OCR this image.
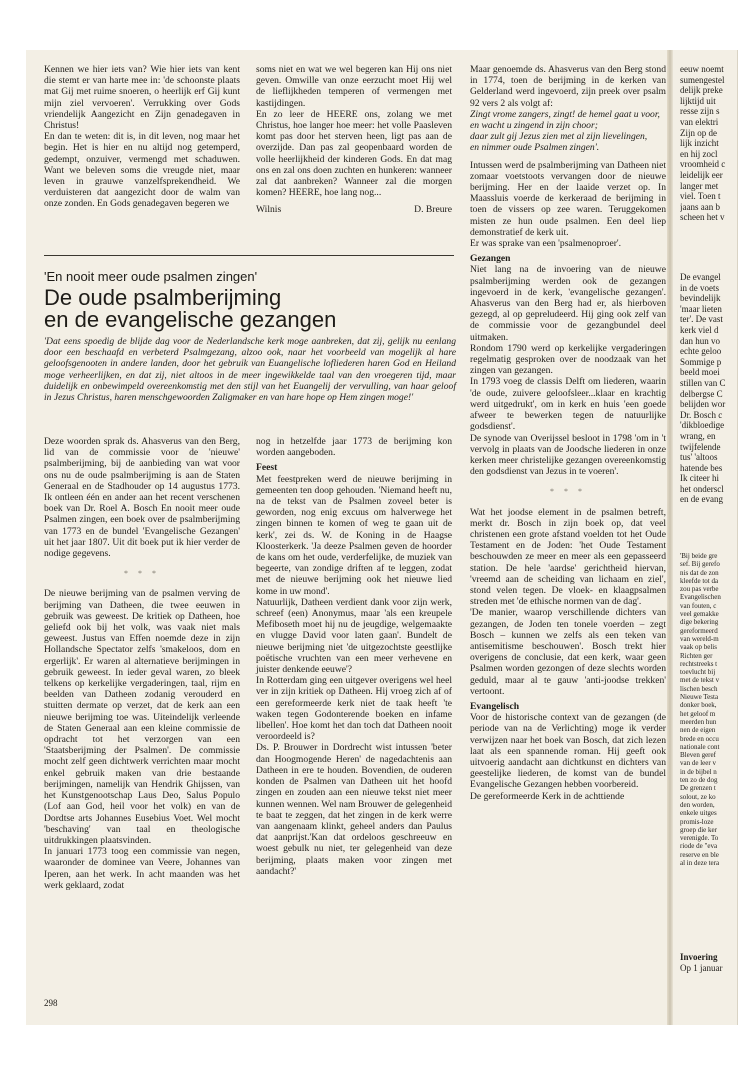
Kennen we hier iets van? Wie hier iets van kent die stemt er van harte mee in: 'de schoonste plaats mat Gij met ruime snoeren, o heerlijk erf Gij kunt mijn ziel vervoeren'. Verrukking over Gods vriendelijk Aangezicht en Zijn genadegaven in Christus!

En dan te weten: dit is, in dit leven, nog maar het begin. Het is hier en nu altijd nog getemperd, gedempt, onzuiver, vermengd met schaduwen. Want we beleven soms die vreugde niet, maar leven in grauwe vanzelfsprekendheid. We verduisteren dat aangezicht door de walm van onze zonden. En Gods genadegaven begeren we

soms niet en wat we wel begeren kan Hij ons niet geven. Omwille van onze eerzucht moet Hij wel de lieflijkheden temperen of vermengen met kastijdingen.

En zo leer de HEERE ons, zolang we met Christus, hoe langer hoe meer: het volle Paasleven komt pas door het sterven heen, ligt pas aan de overzijde. Dan pas zal geopenbaard worden de volle heerlijkheid der kinderen Gods. En dat mag ons en zal ons doen zuchten en hunkeren: wanneer zal dat aanbreken? Wanneer zal die morgen komen? HEERE, hoe lang nog...

Wilnis	D. Breure

'En nooit meer oude psalmen zingen'

De oude psalmberijming
en de evangelische gezangen
'Dat eens spoedig de blijde dag voor de Nederlandsche kerk moge aanbreken, dat zij, gelijk nu eenlang door een beschaafd en verbeterd Psalmgezang, alzoo ook, naar het voorbeeld van mogelijk al hare geloofsgenooten in andere landen, door het gebruik van Euangelische lofliederen haren God en Heiland moge verheerlijken, en dat zij, niet altoos in de meer ingewikkelde taal van den vroegeren tijd, maar duidelijk en onbewimpeld overeenkomstig met den stijl van het Euangelij der vervulling, van haar geloof in Jezus Christus, haren menschgewoorden Zaligmaker en van hare hope op Hem zingen moge!'

Deze woorden sprak ds. Ahasverus van den Berg, lid van de commissie voor de 'nieuwe' psalmberijming, bij de aanbieding van wat voor ons nu de oude psalmberijming is aan de Staten Generaal en de Stadhouder op 14 augustus 1773. Ik ontleen één en ander aan het recent verschenen boek van Dr. Roel A. Bosch En nooit meer oude Psalmen zingen, een boek over de psalmberijming van 1773 en de bundel 'Evangelische Gezangen' uit het jaar 1807. Uit dit boek put ik hier verder de nodige gegevens.

* * *

De nieuwe berijming van de psalmen verving de berijming van Datheen, die twee eeuwen in gebruik was geweest. De kritiek op Datheen, hoe geliefd ook bij het volk, was vaak niet mals geweest. Justus van Effen noemde deze in zijn Hollandsche Spectator zelfs 'smakeloos, dom en ergerlijk'. Er waren al alternatieve berijmingen in gebruik geweest. In ieder geval waren, zo bleek telkens op kerkelijke vergaderingen, taal, rijm en beelden van Datheen zodanig verouderd en stuitten dermate op verzet, dat de kerk aan een nieuwe berijming toe was. Uiteindelijk verleende de Staten Generaal aan een kleine commissie de opdracht tot het verzorgen van een 'Staatsberijming der Psalmen'. De commissie mocht zelf geen dichtwerk verrichten maar mocht enkel gebruik maken van drie bestaande berijmingen, namelijk van Hendrik Ghijssen, van het Kunstgenootschap Laus Deo, Salus Populo (Lof aan God, heil voor het volk) en van de Dordtse arts Johannes Eusebius Voet. Wel mocht 'beschaving' van taal en theologische uitdrukkingen plaatsvinden.

In januari 1773 toog een commissie van negen, waaronder de dominee van Veere, Johannes van Iperen, aan het werk. In acht maanden was het werk geklaard, zodat

nog in hetzelfde jaar 1773 de berijming kon worden aangeboden.

Feest

Met feestpreken werd de nieuwe berijming in gemeenten ten doop gehouden. 'Niemand heeft nu, na de tekst van de Psalmen zoveel beter is geworden, nog enig excuus om halverwege het zingen binnen te komen of weg te gaan uit de kerk', zei ds. W. de Koning in de Haagse Kloosterkerk. 'Ja deeze Psalmen geven de hoorder de kans om het oude, verderfelijke, de muziek van begeerte, van zondige driften af te leggen, zodat met de nieuwe berijming ook het nieuwe lied kome in uw mond'.

Natuurlijk, Datheen verdient dank voor zijn werk, schreef (een) Anonymus, maar 'als een kreupele Mefiboseth moet hij nu de jeugdige, welgemaakte en vlugge David voor laten gaan'. Bundelt de nieuwe berijming niet 'de uitgezochtste geestlijke poëtische vruchten van een meer verhevene en juister denkende eeuwe'?

In Rotterdam ging een uitgever overigens wel heel ver in zijn kritiek op Datheen. Hij vroeg zich af of een gereformeerde kerk niet de taak heeft 'te waken tegen Godonterende boeken en infame libellen'. Hoe komt het dan toch dat Datheen nooit veroordeeld is?

Ds. P. Brouwer in Dordrecht wist intussen 'beter dan Hoogmogende Heren' de nagedachtenis aan Datheen in ere te houden. Bovendien, de ouderen konden de Psalmen van Datheen uit het hoofd zingen en zouden aan een nieuwe tekst niet meer kunnen wennen. Wel nam Brouwer de gelegenheid te baat te zeggen, dat het zingen in de kerk werre van aangenaam klinkt, geheel anders dan Paulus dat aanprijst.'Kan dat ordeloos geschreeuw en woest gebulk nu niet, ter gelegenheid van deze berijming, plaats maken voor zingen met aandacht?'

Maar genoemde ds. Ahasverus van den Berg stond in 1774, toen de berijming in de kerken van Gelderland werd ingevoerd, zijn preek over psalm 92 vers 2 als volgt af:

Zingt vrome zangers, zingt! de hemel gaat u voor,

en wacht u zingend in zijn choor;

daar zult gij Jezus zien met al zijn lievelingen,

en nimmer oude Psalmen zingen'.

Intussen werd de psalmberijming van Datheen niet zomaar voetstoots vervangen door de nieuwe berijming. Her en der laaide verzet op. In Maassluis voerde de kerkeraad de berijming in toen de vissers op zee waren. Teruggekomen misten ze hun oude psalmen. Een deel liep demonstratief de kerk uit.

Er was sprake van een 'psalmenoproer'.

Gezangen

Niet lang na de invoering van de nieuwe psalmberijming werden ook de gezangen ingevoerd in de kerk, 'evangelische gezangen'. Ahasverus van den Berg had er, als hierboven gezegd, al op gepreludeerd. Hij ging ook zelf van de commissie voor de gezangbundel deel uitmaken.

Rondom 1790 werd op kerkelijke vergaderingen regelmatig gesproken over de noodzaak van het zingen van gezangen.

In 1793 voeg de classis Delft om liederen, waarin 'de oude, zuivere geloofsleer...klaar en krachtig werd uitgedrukt', om in kerk en huis 'een goede afweer te bewerken tegen de natuurlijke godsdienst'.

De synode van Overijssel besloot in 1798 'om in 't vervolg in plaats van de Joodsche liederen in onze kerken meer christelijke gezangen overeenkomstig den godsdienst van Jezus in te voeren'.

* * *

Wat het joodse element in de psalmen betreft, merkt dr. Bosch in zijn boek op, dat veel christenen een grote afstand voelden tot het Oude Testament en de Joden: 'het Oude Testament beschouwden ze meer en meer als een gepasseerd station. De hele 'aardse' gerichtheid hiervan, 'vreemd aan de scheiding van lichaam en ziel', stond velen tegen. De vloek- en klaagpsalmen streden met 'de ethische normen van de dag'.

'De manier, waarop verschillende dichters van gezangen, de Joden ten tonele voerden – zegt Bosch – kunnen we zelfs als een teken van antisemitisme beschouwen'. Bosch trekt hier overigens de conclusie, dat een kerk, waar geen Psalmen worden gezongen of deze slechts worden geduld, maar al te gauw 'anti-joodse trekken' vertoont.

Evangelisch

Voor de historische context van de gezangen (de periode van na de Verlichting) moge ik verder verwijzen naar het boek van Bosch, dat zich lezen laat als een spannende roman. Hij geeft ook uitvoerig aandacht aan dichtkunst en dichters van geestelijke liederen, de komst van de bundel Evangelische Gezangen hebben voorbereid.

De gereformeerde Kerk in de achttiende

eeuw noemt
sumengestel
delijk preke
lijktijd uit
resse zijn s
van elektri
Zijn op de
lijk inzicht
en hij zocl
vroomheid c
leidelijk eer
langer met
viel. Toen t
jaans aan b
scheen het v
De evangel
in de voets
bevindelijk
'maar lieten
ter'. De vast
kerk viel d
dan hun vo
echte geloo
Sommige p
beeld moei
stillen van C
delbergse C
belijden wor
Dr. Bosch c
'dikbloedige
wrang, en
twijfelende
tus' 'altoos
hatende bes
Ik citeer hi
het onderscl
en de evang
'Bij beide gre
sef. Bij gerefo
nis dat de zon
kleefde tot da
zou pas verbe
Evangelischen
van fouten, c
veel gemakke
dige bekering
gereformeerd
van wereld-m
vaak op belis
Richten ger
rechtstreeks t
toevlucht bij
met de tekst v
lischen besch
Nieuwe Testa
donker boek,
het geloof m
meerden hun
nen de eigen
brede en occu
nationale cont
Bleven geref
van de leer v
in de bijbel n
ten zo de dog
De grenzen t
solout, ze ko
den worden,
enkele uitges
promis-loze
groep die ker
verenigde. To
riode de "eva
reserve en ble
al in deze tera
Invoering
Op 1 januar
298
